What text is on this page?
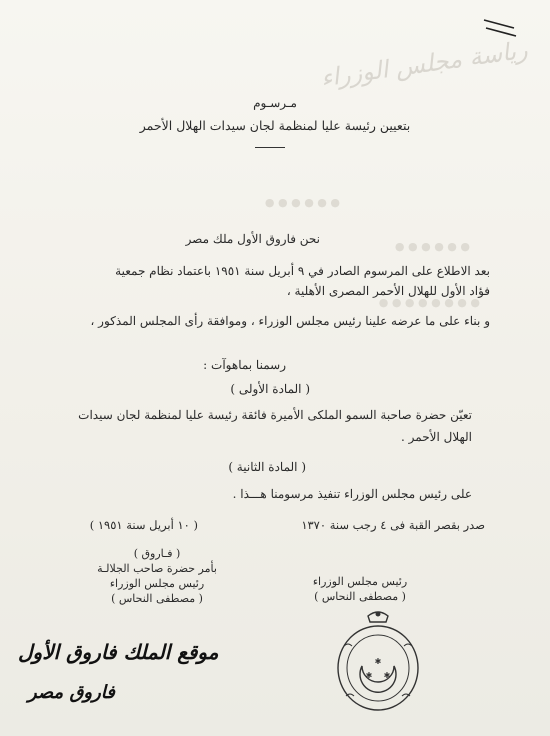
رياسة مجلس الوزراء
● ● ● ● ● ●
● ● ● ● ● ●
● ● ● ● ● ● ● ●
مـرسـوم
بتعيين رئيسة عليا لمنظمة لجان سيدات الهلال الأحمر
نحن فاروق الأول ملك مصر
بعد الاطلاع على المرسوم الصادر في ٩ أبريل سنة ١٩٥١ باعتماد نظام جمعية
فؤاد الأول للهلال الأحمر المصرى الأهلية ،
و بناء على ما عرضه علينا رئيس مجلس الوزراء ، وموافقة رأى المجلس المذكور ،
رسمنا بماهوآت :
( المادة الأولى )
تعيّن حضرة صاحبة السمو الملكى الأميرة فائقة رئيسة عليا لمنظمة لجان سيدات
الهلال الأحمر .
( المادة الثانية )
على رئيس مجلس الوزراء تنفيذ مرسومنا هـــذا .
صدر بقصر القبة فى ٤ رجب سنة ١٣٧٠
( ١٠ أبريل سنة ١٩٥١ )
( فـاروق )
بأمر حضرة صاحب الجلالـة
رئيس مجلس الوزراء
( مصطفى النحاس )
رئيس مجلس الوزراء
( مصطفى النحاس )
✱
✱ ✱
موقع الملك فاروق الأول
فاروق مصر
